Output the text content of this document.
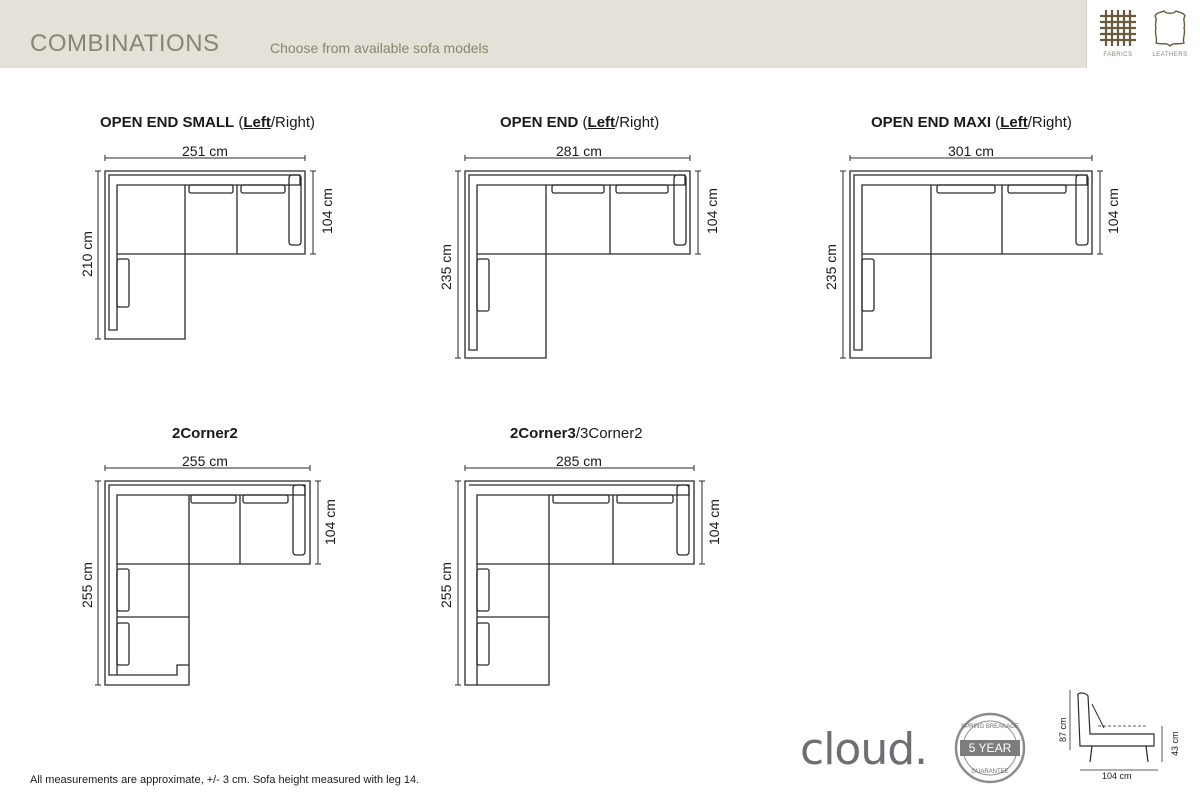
COMBINATIONS	Choose from available sofa models	FABRICS	LEATHERS
OPEN END SMALL (Left/Right)
251 cm
210 cm
104 cm
OPEN END (Left/Right)
281 cm
235 cm
104 cm
OPEN END MAXI (Left/Right)
301 cm
235 cm
104 cm
2Corner2
255 cm
255 cm
104 cm
2Corner3/3Corner2
285 cm
255 cm
104 cm
All measurements are approximate, +/- 3 cm. Sofa height measured with leg 14.
cloud.	SPRING BREAKAGE
GUARANTEE
5 YEAR
87 cm
43 cm
104 cm
